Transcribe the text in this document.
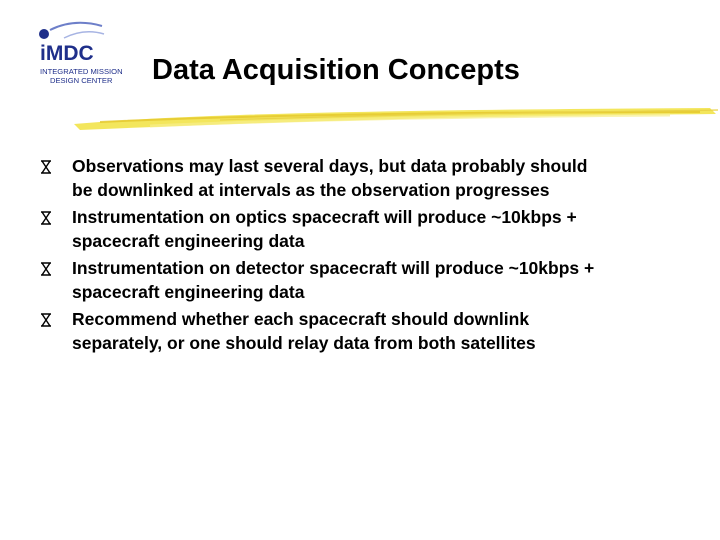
iMDC
INTEGRATED MISSION
DESIGN CENTER Data Acquisition Concepts
Observations may last several days, but data probably should
be downlinked at intervals as the observation progresses
Instrumentation on optics spacecraft will produce ~10kbps +
spacecraft engineering data
Instrumentation on detector spacecraft will produce ~10kbps +
spacecraft engineering data
Recommend whether each spacecraft should downlink
separately, or one should relay data from both satellites
